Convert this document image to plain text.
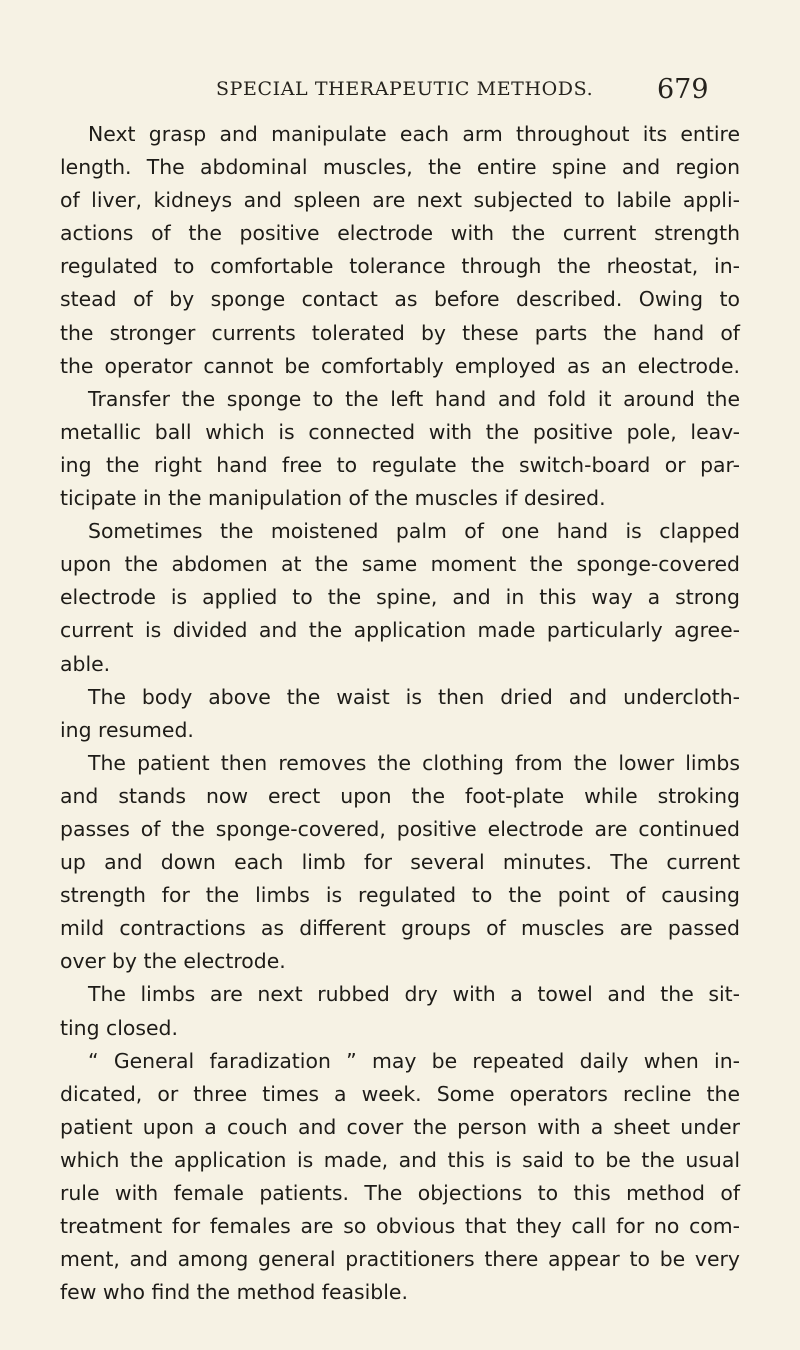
SPECIAL THERAPEUTIC METHODS. 679
Next grasp and manipulate each arm throughout its entire
length. The abdominal muscles, the entire spine and region
of liver, kidneys and spleen are next subjected to labile appli-
actions of the positive electrode with the current strength
regulated to comfortable tolerance through the rheostat, in-
stead of by sponge contact as before described. Owing to
the stronger currents tolerated by these parts the hand of
the operator cannot be comfortably employed as an electrode.
Transfer the sponge to the left hand and fold it around the
metallic ball which is connected with the positive pole, leav-
ing the right hand free to regulate the switch-board or par-
ticipate in the manipulation of the muscles if desired.
Sometimes the moistened palm of one hand is clapped
upon the abdomen at the same moment the sponge-covered
electrode is applied to the spine, and in this way a strong
current is divided and the application made particularly agree-
able.
The body above the waist is then dried and undercloth-
ing resumed.
The patient then removes the clothing from the lower limbs
and stands now erect upon the foot-plate while stroking
passes of the sponge-covered, positive electrode are continued
up and down each limb for several minutes. The current
strength for the limbs is regulated to the point of causing
mild contractions as different groups of muscles are passed
over by the electrode.
The limbs are next rubbed dry with a towel and the sit-
ting closed.
“ General faradization ” may be repeated daily when in-
dicated, or three times a week. Some operators recline the
patient upon a couch and cover the person with a sheet under
which the application is made, and this is said to be the usual
rule with female patients. The objections to this method of
treatment for females are so obvious that they call for no com-
ment, and among general practitioners there appear to be very
few who find the method feasible.
